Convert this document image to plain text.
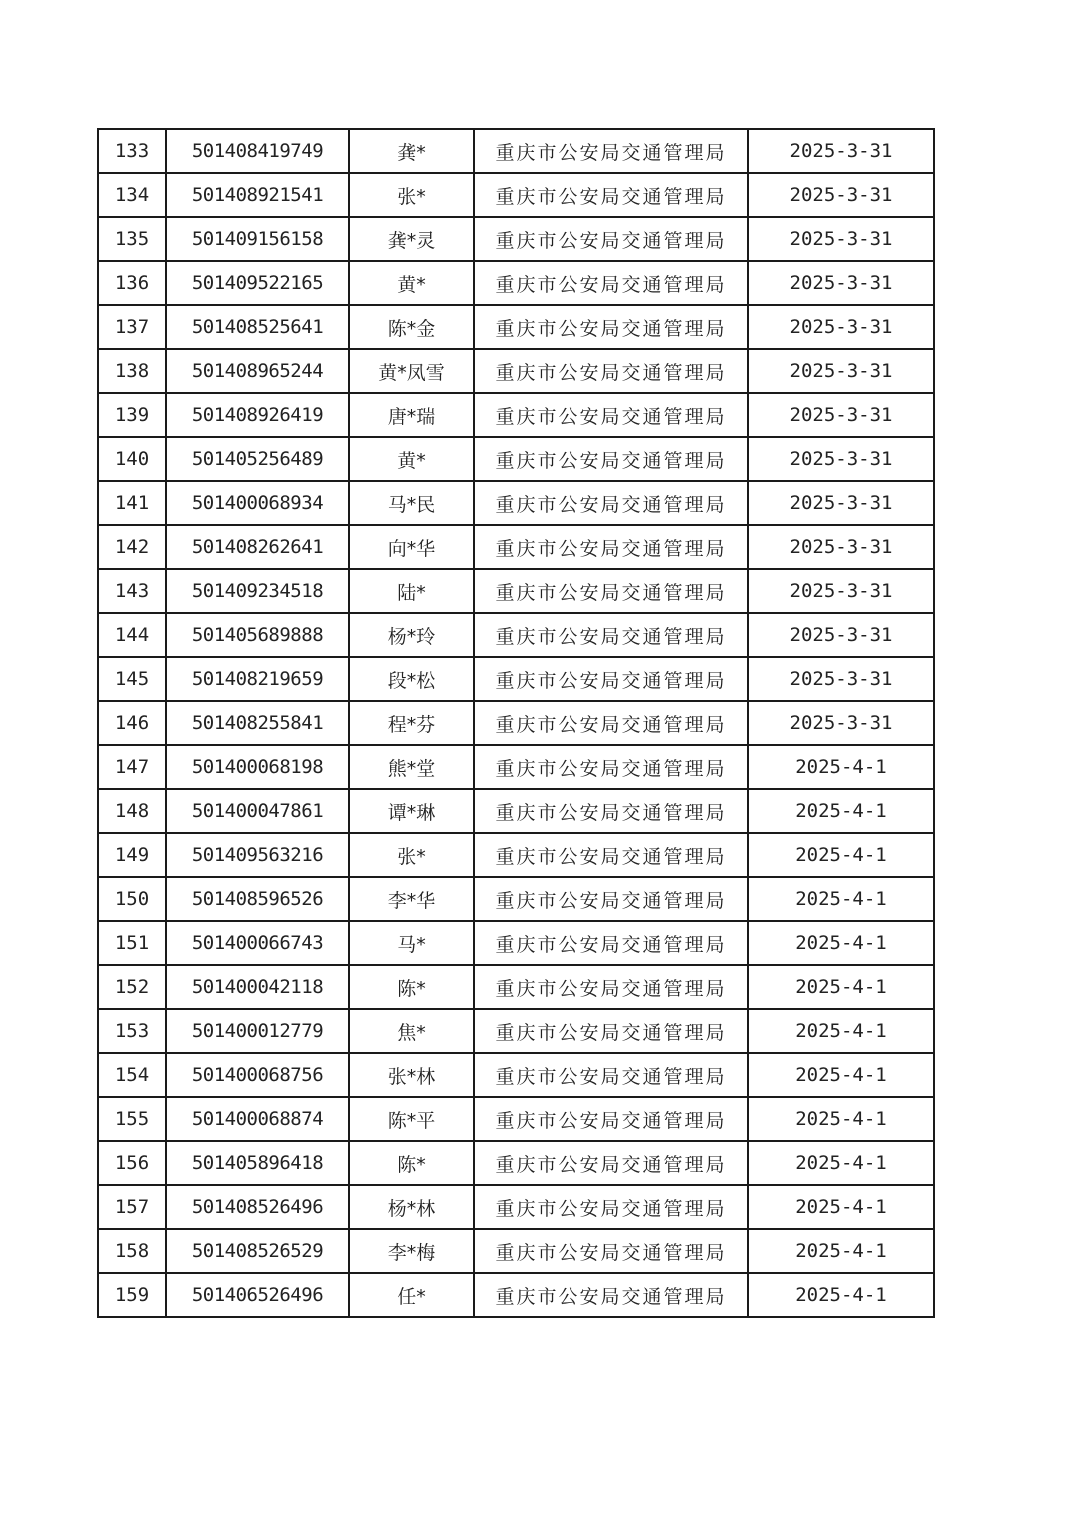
133	501408419749	龚*	重庆市公安局交通管理局	2025-3-31
134	501408921541	张*	重庆市公安局交通管理局	2025-3-31
135	501409156158	龚*灵	重庆市公安局交通管理局	2025-3-31
136	501409522165	黄*	重庆市公安局交通管理局	2025-3-31
137	501408525641	陈*金	重庆市公安局交通管理局	2025-3-31
138	501408965244	黄*凤雪	重庆市公安局交通管理局	2025-3-31
139	501408926419	唐*瑞	重庆市公安局交通管理局	2025-3-31
140	501405256489	黄*	重庆市公安局交通管理局	2025-3-31
141	501400068934	马*民	重庆市公安局交通管理局	2025-3-31
142	501408262641	向*华	重庆市公安局交通管理局	2025-3-31
143	501409234518	陆*	重庆市公安局交通管理局	2025-3-31
144	501405689888	杨*玲	重庆市公安局交通管理局	2025-3-31
145	501408219659	段*松	重庆市公安局交通管理局	2025-3-31
146	501408255841	程*芬	重庆市公安局交通管理局	2025-3-31
147	501400068198	熊*堂	重庆市公安局交通管理局	2025-4-1
148	501400047861	谭*琳	重庆市公安局交通管理局	2025-4-1
149	501409563216	张*	重庆市公安局交通管理局	2025-4-1
150	501408596526	李*华	重庆市公安局交通管理局	2025-4-1
151	501400066743	马*	重庆市公安局交通管理局	2025-4-1
152	501400042118	陈*	重庆市公安局交通管理局	2025-4-1
153	501400012779	焦*	重庆市公安局交通管理局	2025-4-1
154	501400068756	张*林	重庆市公安局交通管理局	2025-4-1
155	501400068874	陈*平	重庆市公安局交通管理局	2025-4-1
156	501405896418	陈*	重庆市公安局交通管理局	2025-4-1
157	501408526496	杨*林	重庆市公安局交通管理局	2025-4-1
158	501408526529	李*梅	重庆市公安局交通管理局	2025-4-1
159	501406526496	任*	重庆市公安局交通管理局	2025-4-1
